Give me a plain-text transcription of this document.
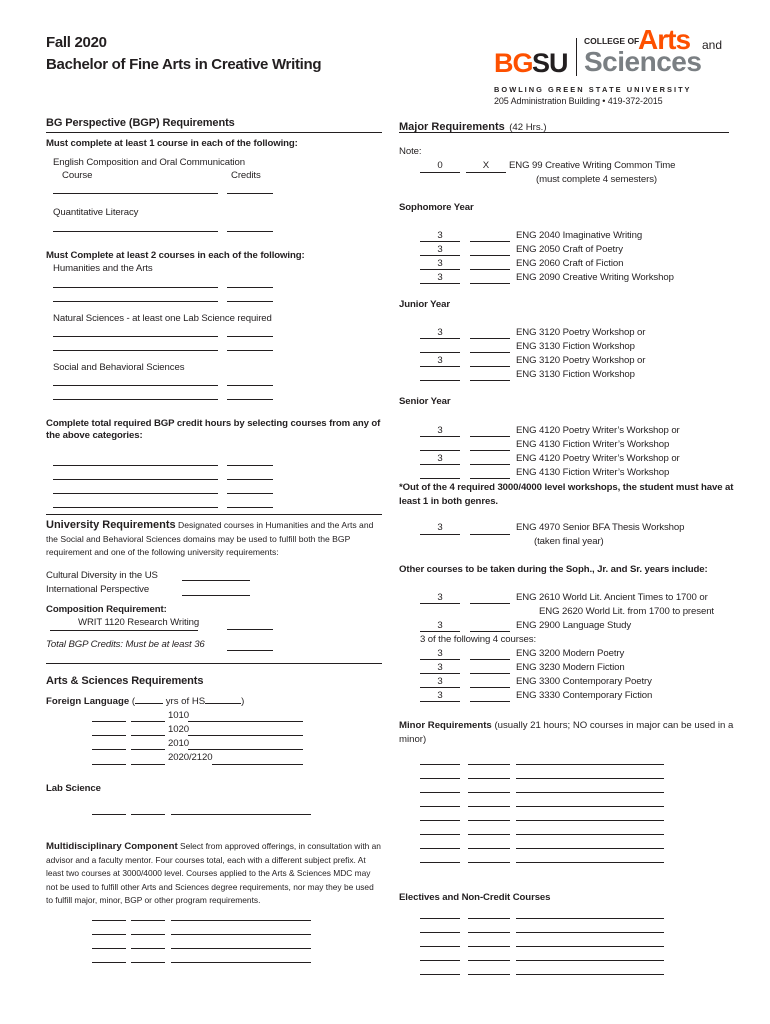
Fall 2020
Bachelor of Fine Arts in Creative Writing	BG SU
COLLEGE OF
Arts and
Sciences
B O W L I N G   G R E E N   S T A T E   U N I V E R S I T Y
205 Administration Building • 419-372-2015
BG Perspective (BGP) Requirements
Must complete at least 1 course in each of the following:
English Composition and Oral Communication
Course	Credits
Quantitative Literacy
Must Complete at least 2 courses in each of the following:
Humanities and the Arts
Natural Sciences - at least one Lab Science required
Social and Behavioral Sciences
Complete total required BGP credit hours by selecting courses from any of the above categories:
University Requirements Designated courses in Humanities and the Arts and the Social and Behavioral Sciences domains may be used to fulfill both the BGP requirement and one of the following university requirements:
Cultural Diversity in the US
International Perspective
Composition Requirement:
WRIT 1120 Research Writing
Total BGP Credits: Must be at least 36
Arts & Sciences Requirements
Foreign Language (	yrs of HS	)
1010
1020
2010
2020/2120
Lab Science
Multidisciplinary Component Select from approved offerings, in consultation with an advisor and a faculty mentor. Four courses total, each with a different subject prefix. At least two courses at 3000/4000 level. Courses applied to the Arts & Sciences MDC may not be used to fulfill other Arts and Sciences degree requirements, nor may they be used to fulfill major, minor, BGP or other program requirements.
Major Requirements (42 Hrs.)
Note:
0	X	ENG 99 Creative Writing Common Time
(must complete 4 semesters)
Sophomore Year
3	ENG 2040 Imaginative Writing
3	ENG 2050 Craft of Poetry
3	ENG 2060 Craft of Fiction
3	ENG 2090 Creative Writing Workshop
Junior Year
3	ENG 3120 Poetry Workshop or
ENG 3130 Fiction Workshop
3	ENG 3120 Poetry Workshop or
ENG 3130 Fiction Workshop
Senior Year
3	ENG 4120 Poetry Writer’s Workshop or
ENG 4130 Fiction Writer’s Workshop
3	ENG 4120 Poetry Writer’s Workshop or
ENG 4130 Fiction Writer’s Workshop
*Out of the 4 required 3000/4000 level workshops, the student must have at least 1 in both genres.
3	ENG 4970 Senior BFA Thesis Workshop
(taken final year)
Other courses to be taken during the Soph., Jr. and Sr. years include:
3	ENG 2610 World Lit. Ancient Times to 1700 or
ENG 2620 World Lit. from 1700 to present
3	ENG 2900 Language Study
3 of the following 4 courses:
3	ENG 3200 Modern Poetry
3	ENG 3230 Modern Fiction
3	ENG 3300 Contemporary Poetry
3	ENG 3330 Contemporary Fiction
Minor Requirements (usually 21 hours; NO courses in major can be used in a minor)
Electives and Non-Credit Courses
